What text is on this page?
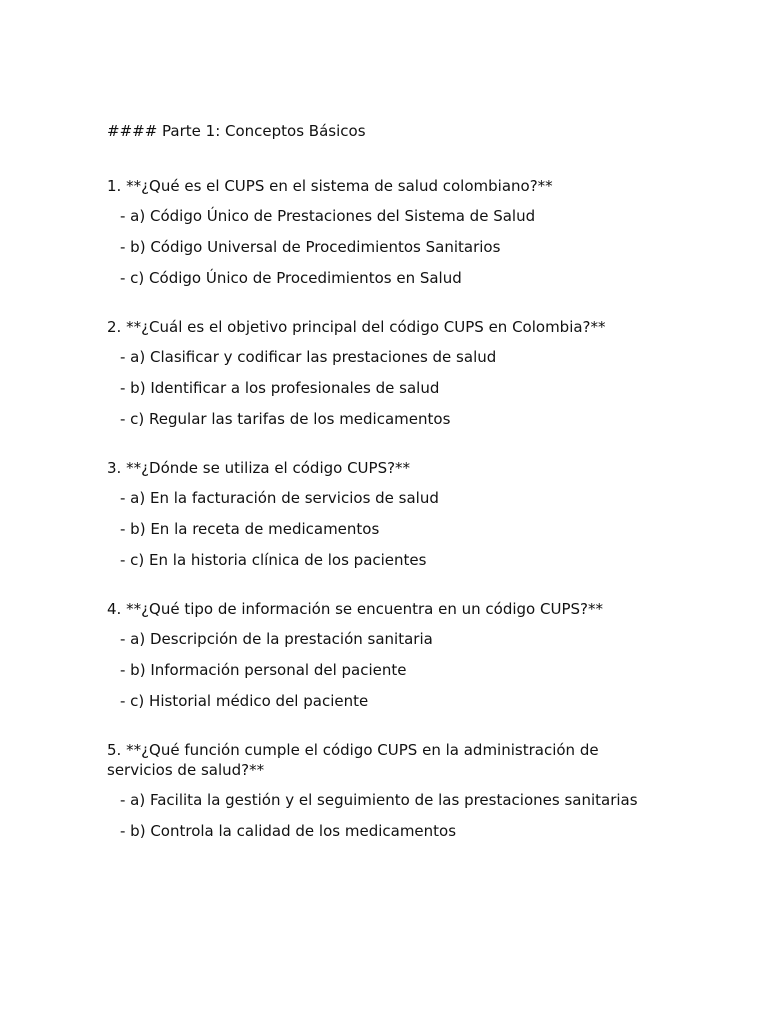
#### Parte 1: Conceptos Básicos
1. **¿Qué es el CUPS en el sistema de salud colombiano?**
- a) Código Único de Prestaciones del Sistema de Salud
- b) Código Universal de Procedimientos Sanitarios
- c) Código Único de Procedimientos en Salud
2. **¿Cuál es el objetivo principal del código CUPS en Colombia?**
- a) Clasificar y codificar las prestaciones de salud
- b) Identificar a los profesionales de salud
- c) Regular las tarifas de los medicamentos
3. **¿Dónde se utiliza el código CUPS?**
- a) En la facturación de servicios de salud
- b) En la receta de medicamentos
- c) En la historia clínica de los pacientes
4. **¿Qué tipo de información se encuentra en un código CUPS?**
- a) Descripción de la prestación sanitaria
- b) Información personal del paciente
- c) Historial médico del paciente
5. **¿Qué función cumple el código CUPS en la administración de servicios de salud?**
- a) Facilita la gestión y el seguimiento de las prestaciones sanitarias
- b) Controla la calidad de los medicamentos
